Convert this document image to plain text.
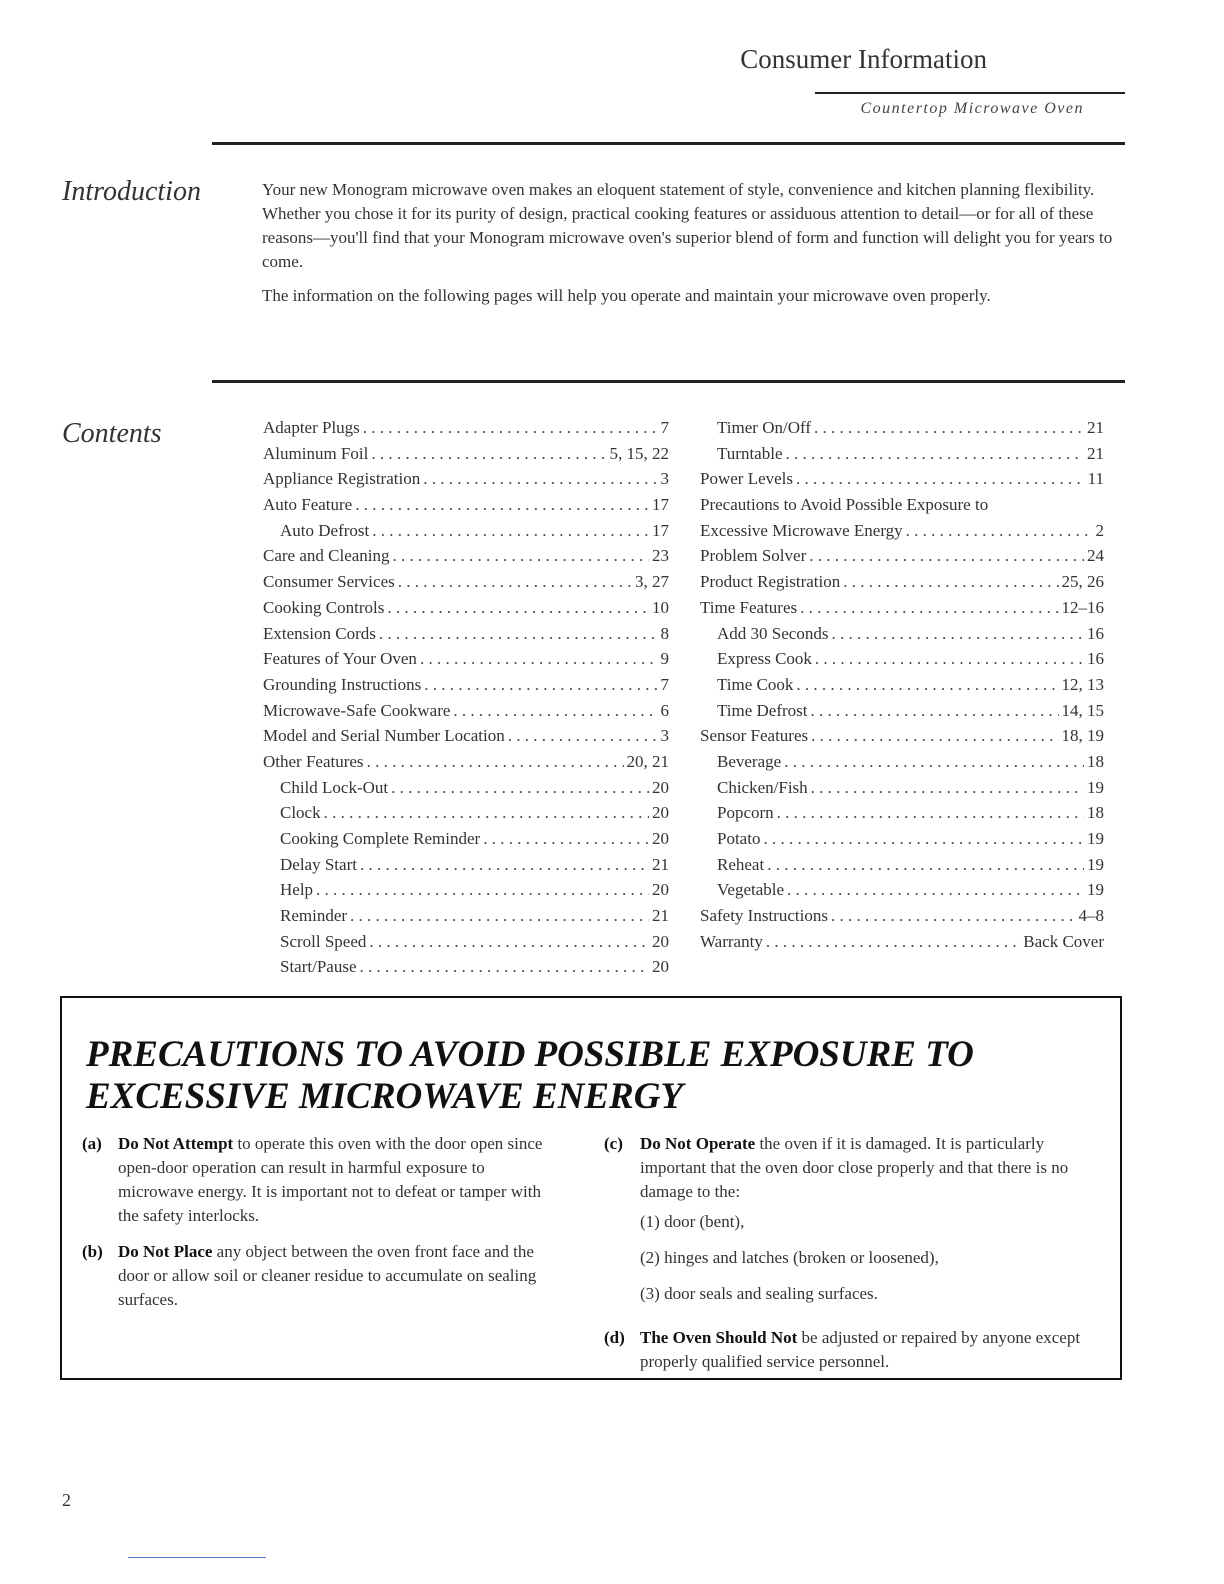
Consumer Information
Countertop Microwave Oven
Introduction	Your new Monogram microwave oven makes an eloquent statement of style, convenience and kitchen planning flexibility. Whether you chose it for its purity of design, practical cooking features or assiduous attention to detail—or for all of these reasons—you'll find that your Monogram microwave oven's superior blend of form and function will delight you for years to come.

The information on the following pages will help you operate and maintain your microwave oven properly.

Contents	Adapter Plugs . . .	7
Aluminum Foil . . .	5, 15, 22
Appliance Registration . . .	3
Auto Feature . . .	17
Auto Defrost . . .	17
Care and Cleaning . . .	23
Consumer Services . . .	3, 27
Cooking Controls . . .	10
Extension Cords . . .	8
Features of Your Oven . . .	9
Grounding Instructions . . .	7
Microwave-Safe Cookware . . .	6
Model and Serial Number Location . . .	3
Other Features . . .	20, 21
Child Lock-Out . . .	20
Clock . . .	20
Cooking Complete Reminder . . .	20
Delay Start . . .	21
Help . . .	20
Reminder . . .	21
Scroll Speed . . .	20
Start/Pause . . .	20
Timer On/Off . . .	21
Turntable . . .	21
Power Levels . . .	11
Precautions to Avoid Possible Exposure to
Excessive Microwave Energy . . .	2
Problem Solver . . .	24
Product Registration . . .	25, 26
Time Features . . .	12–16
Add 30 Seconds . . .	16
Express Cook . . .	16
Time Cook . . .	12, 13
Time Defrost . . .	14, 15
Sensor Features . . .	18, 19
Beverage . . .	18
Chicken/Fish . . .	19
Popcorn . . .	18
Potato . . .	19
Reheat . . .	19
Vegetable . . .	19
Safety Instructions . . .	4–8
Warranty . . .	Back Cover
PRECAUTIONS TO AVOID POSSIBLE EXPOSURE TO
EXCESSIVE MICROWAVE ENERGY
(a) Do Not Attempt to operate this oven with the door open since open-door operation can result in harmful exposure to microwave energy. It is important not to defeat or tamper with the safety interlocks.
(b) Do Not Place any object between the oven front face and the door or allow soil or cleaner residue to accumulate on sealing surfaces.
(c)	Do Not Operate the oven if it is damaged. It is particularly important that the oven door close properly and that there is no damage to the:
(1) door (bent),
(2) hinges and latches (broken or loosened),
(3) door seals and sealing surfaces.
(d) The Oven Should Not be adjusted or repaired by anyone except properly qualified service personnel.
2
